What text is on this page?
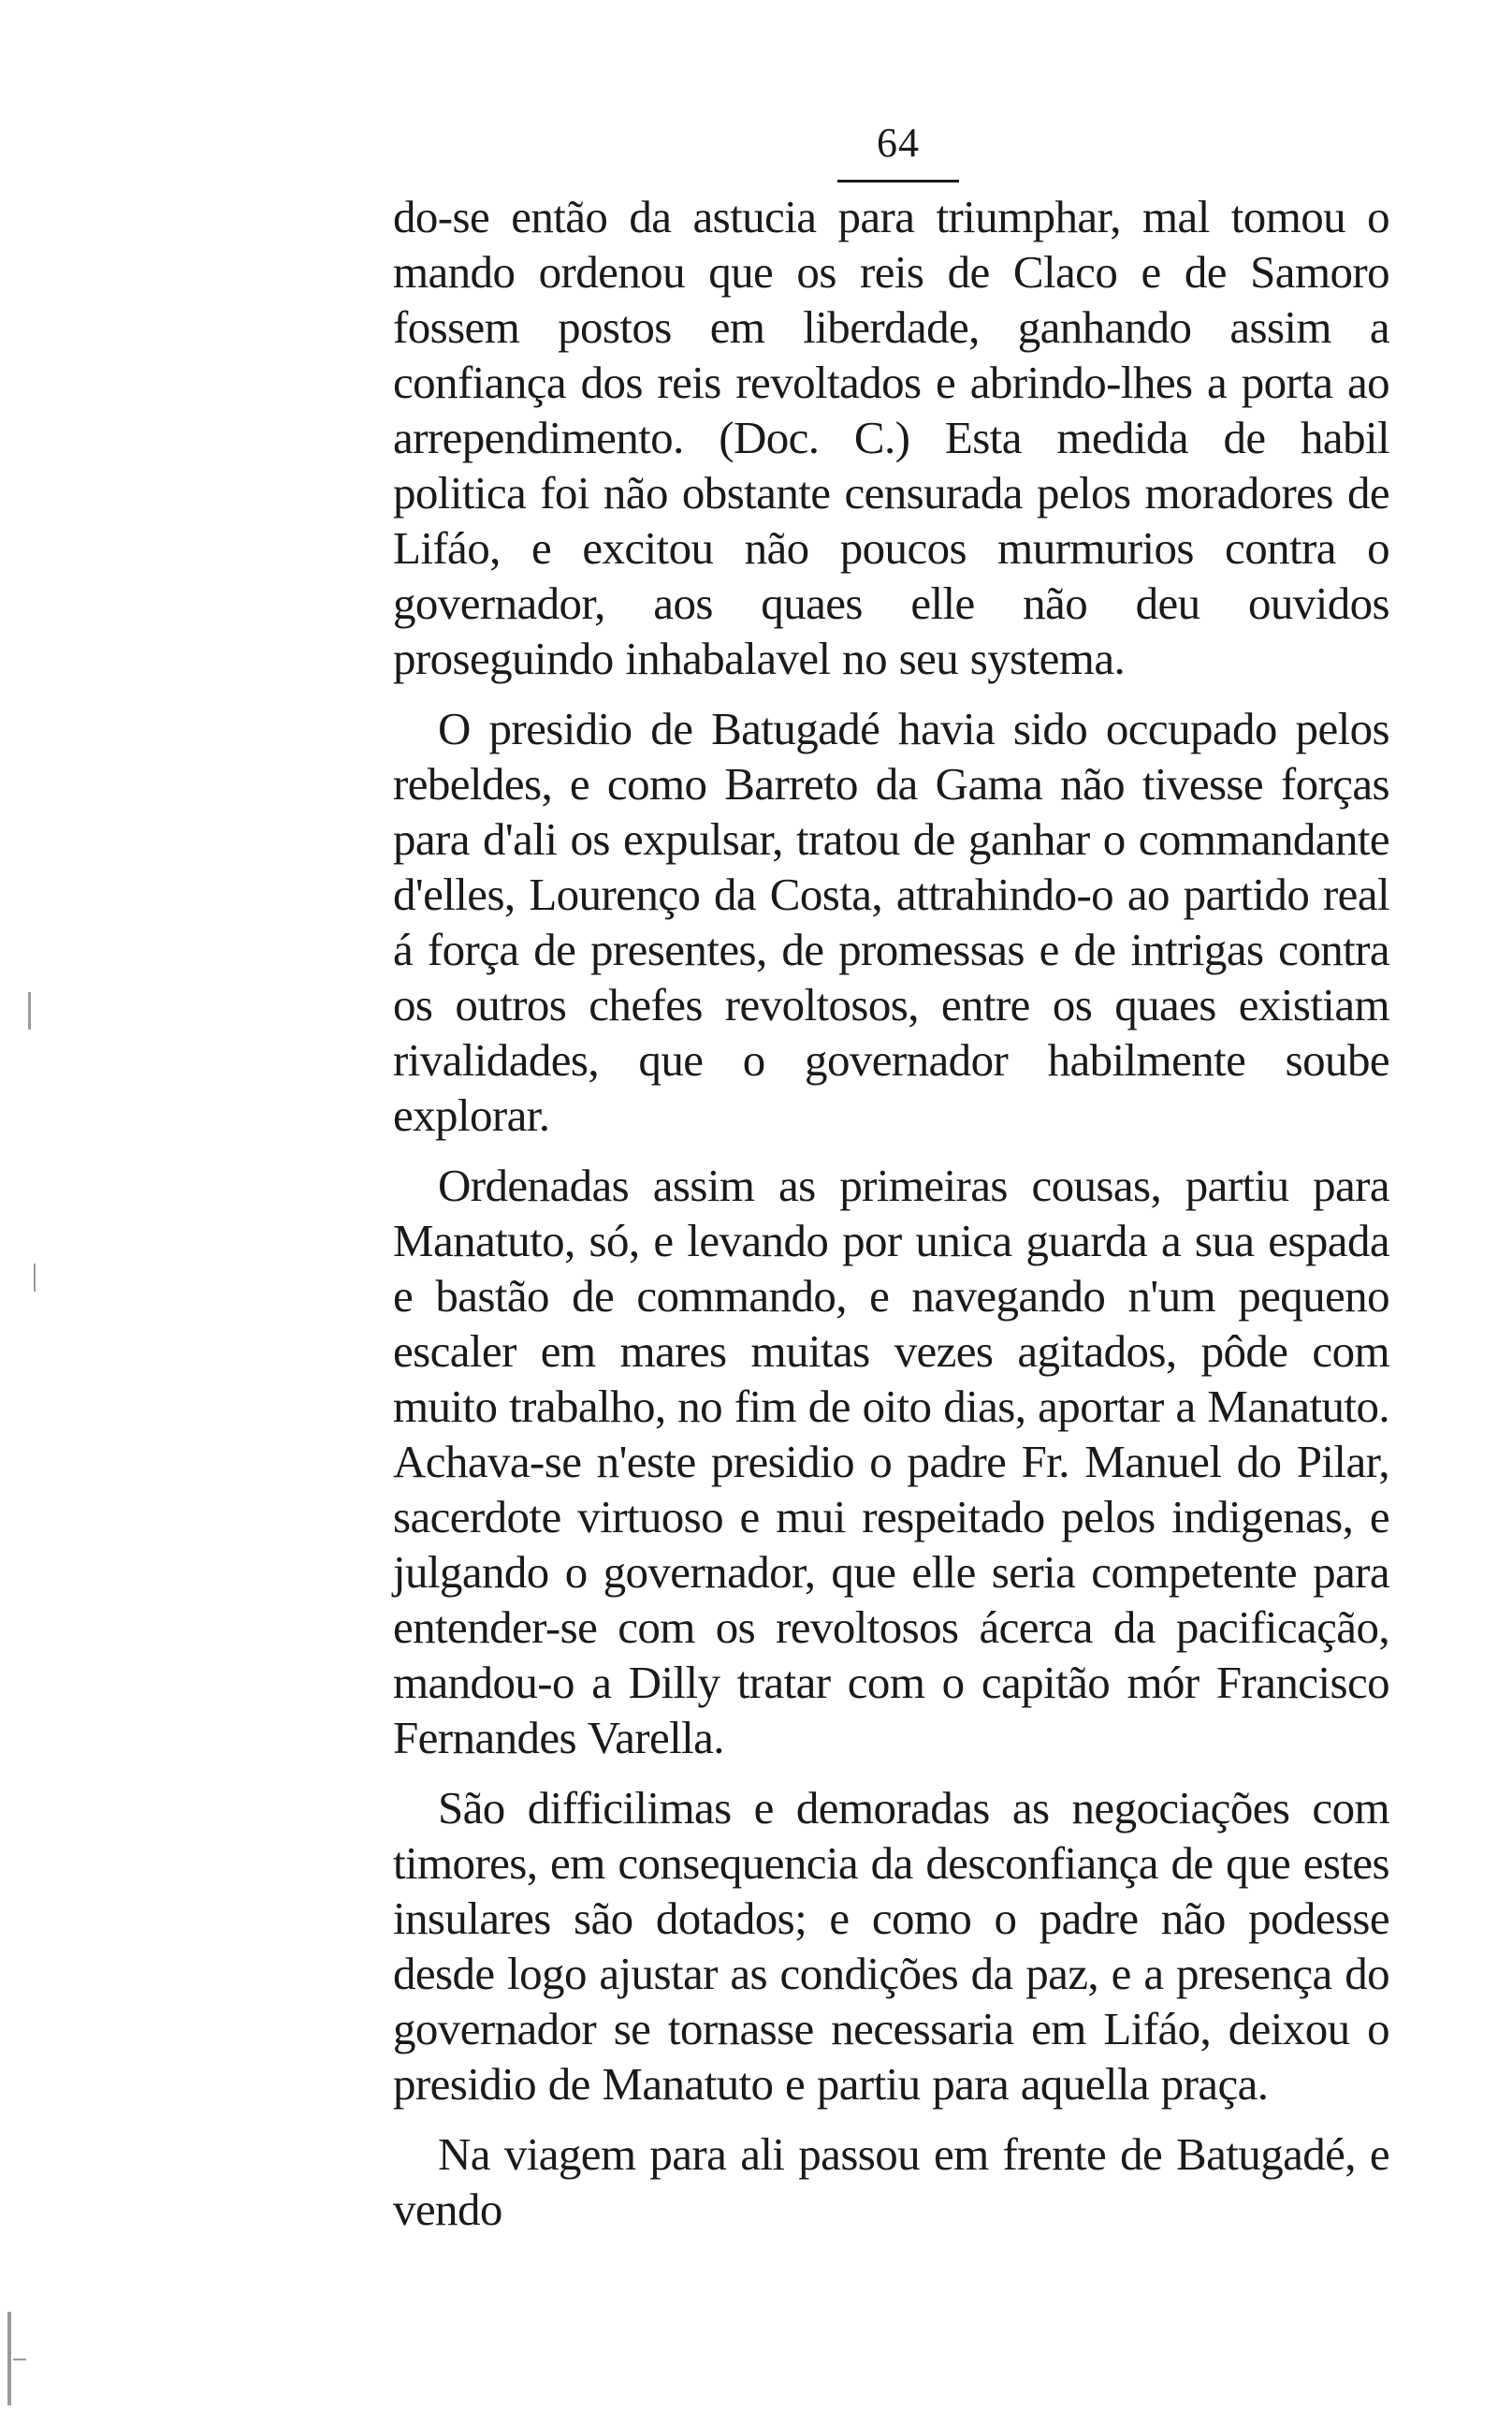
64

do-se então da astucia para triumphar, mal tomou o mando ordenou que os reis de Claco e de Samoro fossem postos em liberdade, ganhando assim a confiança dos reis revoltados e abrindo-lhes a porta ao arrependimento. (Doc. C.) Esta medida de habil politica foi não obstante censurada pelos moradores de Lifáo, e excitou não poucos murmurios contra o governador, aos quaes elle não deu ouvidos proseguindo inhabalavel no seu systema.

O presidio de Batugadé havia sido occupado pelos rebeldes, e como Barreto da Gama não tivesse forças para d'ali os expulsar, tratou de ganhar o commandante d'elles, Lourenço da Costa, attrahindo-o ao partido real á força de presentes, de promessas e de intrigas contra os outros chefes revoltosos, entre os quaes existiam rivalidades, que o governador habilmente soube explorar.

Ordenadas assim as primeiras cousas, partiu para Manatuto, só, e levando por unica guarda a sua espada e bastão de commando, e navegando n'um pequeno escaler em mares muitas vezes agitados, pôde com muito trabalho, no fim de oito dias, aportar a Manatuto. Achava-se n'este presidio o padre Fr. Manuel do Pilar, sacerdote virtuoso e mui respeitado pelos indigenas, e julgando o governador, que elle seria competente para entender-se com os revoltosos ácerca da pacificação, mandou-o a Dilly tratar com o capitão mór Francisco Fernandes Varella.

São difficilimas e demoradas as negociações com timores, em consequencia da desconfiança de que estes insulares são dotados; e como o padre não podesse desde logo ajustar as condições da paz, e a presença do governador se tornasse necessaria em Lifáo, deixou o presidio de Manatuto e partiu para aquella praça.

Na viagem para ali passou em frente de Batugadé, e vendo
